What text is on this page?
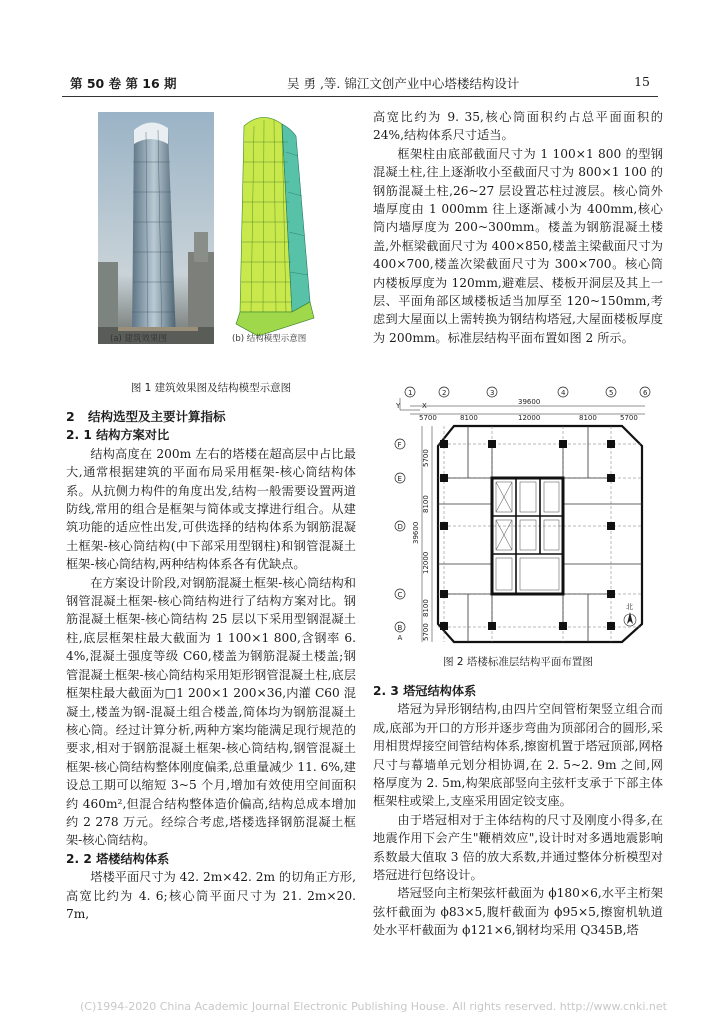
第 50 卷 第 16 期	吴 勇 ,等. 锦江文创产业中心塔楼结构设计	15
(a) 建筑效果图	(b) 结构模型示意图
图 1 建筑效果图及结构模型示意图

2 结构选型及主要计算指标

2. 1 结构方案对比

结构高度在 200m 左右的塔楼在超高层中占比最大,通常根据建筑的平面布局采用框架-核心筒结构体系。从抗侧力构件的角度出发,结构一般需要设置两道防线,常用的组合是框架与简体或支撑进行组合。从建筑功能的适应性出发,可供选择的结构体系为钢筋混凝土框架-核心筒结构(中下部采用型钢柱)和钢管混凝土框架-核心筒结构,两种结构体系各有优缺点。

在方案设计阶段,对钢筋混凝土框架-核心筒结构和钢管混凝土框架-核心筒结构进行了结构方案对比。钢筋混凝土框架-核心筒结构 25 层以下采用型钢混凝土柱,底层框架柱最大截面为 1 100×1 800,含钢率 6. 4%,混凝土强度等级 C60,楼盖为钢筋混凝土楼盖;钢管混凝土框架-核心筒结构采用矩形钢管混凝土柱,底层框架柱最大截面为□1 200×1 200×36,内灌 C60 混凝土,楼盖为钢-混凝土组合楼盖,简体均为钢筋混凝土核心筒。经过计算分析,两种方案均能满足现行规范的要求,相对于钢筋混凝土框架-核心筒结构,钢管混凝土框架-核心筒结构整体刚度偏柔,总重量减少 11. 6%,建设总工期可以缩短 3~5 个月,增加有效使用空间面积约 460m²,但混合结构整体造价偏高,结构总成本增加约 2 278 万元。经综合考虑,塔楼选择钢筋混凝土框架-核心筒结构。

2. 2 塔楼结构体系

塔楼平面尺寸为 42. 2m×42. 2m 的切角正方形,高宽比约为 4. 6;核心筒平面尺寸为 21. 2m×20. 7m,

高宽比约为 9. 35,核心筒面积约占总平面面积的 24%,结构体系尺寸适当。

框架柱由底部截面尺寸为 1 100×1 800 的型钢混凝土柱,往上逐渐收小至截面尺寸为 800×1 100 的钢筋混凝土柱,26~27 层设置芯柱过渡层。核心筒外墙厚度由 1 000mm 往上逐渐减小为 400mm,核心筒内墙厚度为 200~300mm。楼盖为钢筋混凝土楼盖,外框梁截面尺寸为 400×850,楼盖主梁截面尺寸为 400×700,楼盖次梁截面尺寸为 300×700。核心筒内楼板厚度为 120mm,避难层、楼板开洞层及其上一层、平面角部区域楼板适当加厚至 120~150mm,考虑到大屋面以上需转换为钢结构塔冠,大屋面楼板厚度为 200mm。标准层结构平面布置如图 2 所示。

1	2	3	4	5	6
39600
5700	8100	12000	8100	5700
Y	X
F
E
D
C
B
A
39600
5700
8100
12000
8100
5700
北
图 2 塔楼标准层结构平面布置图

2. 3 塔冠结构体系

塔冠为异形钢结构,由四片空间管桁架竖立组合而成,底部为开口的方形并逐步弯曲为顶部闭合的圆形,采用相贯焊接空间管结构体系,擦窗机置于塔冠顶部,网格尺寸与幕墙单元划分相协调,在 2. 5~2. 9m 之间,网格厚度为 2. 5m,构架底部竖向主弦杆支承于下部主体框架柱或梁上,支座采用固定铰支座。

由于塔冠相对于主体结构的尺寸及刚度小得多,在地震作用下会产生"鞭梢效应",设计时对多遇地震影响系数最大值取 3 倍的放大系数,并通过整体分析模型对塔冠进行包络设计。

塔冠竖向主桁架弦杆截面为 ϕ180×6,水平主桁架弦杆截面为 ϕ83×5,腹杆截面为 ϕ95×5,擦窗机轨道处水平杆截面为 ϕ121×6,钢材均采用 Q345B,塔

(C)1994-2020 China Academic Journal Electronic Publishing House. All rights reserved. http://www.cnki.net
